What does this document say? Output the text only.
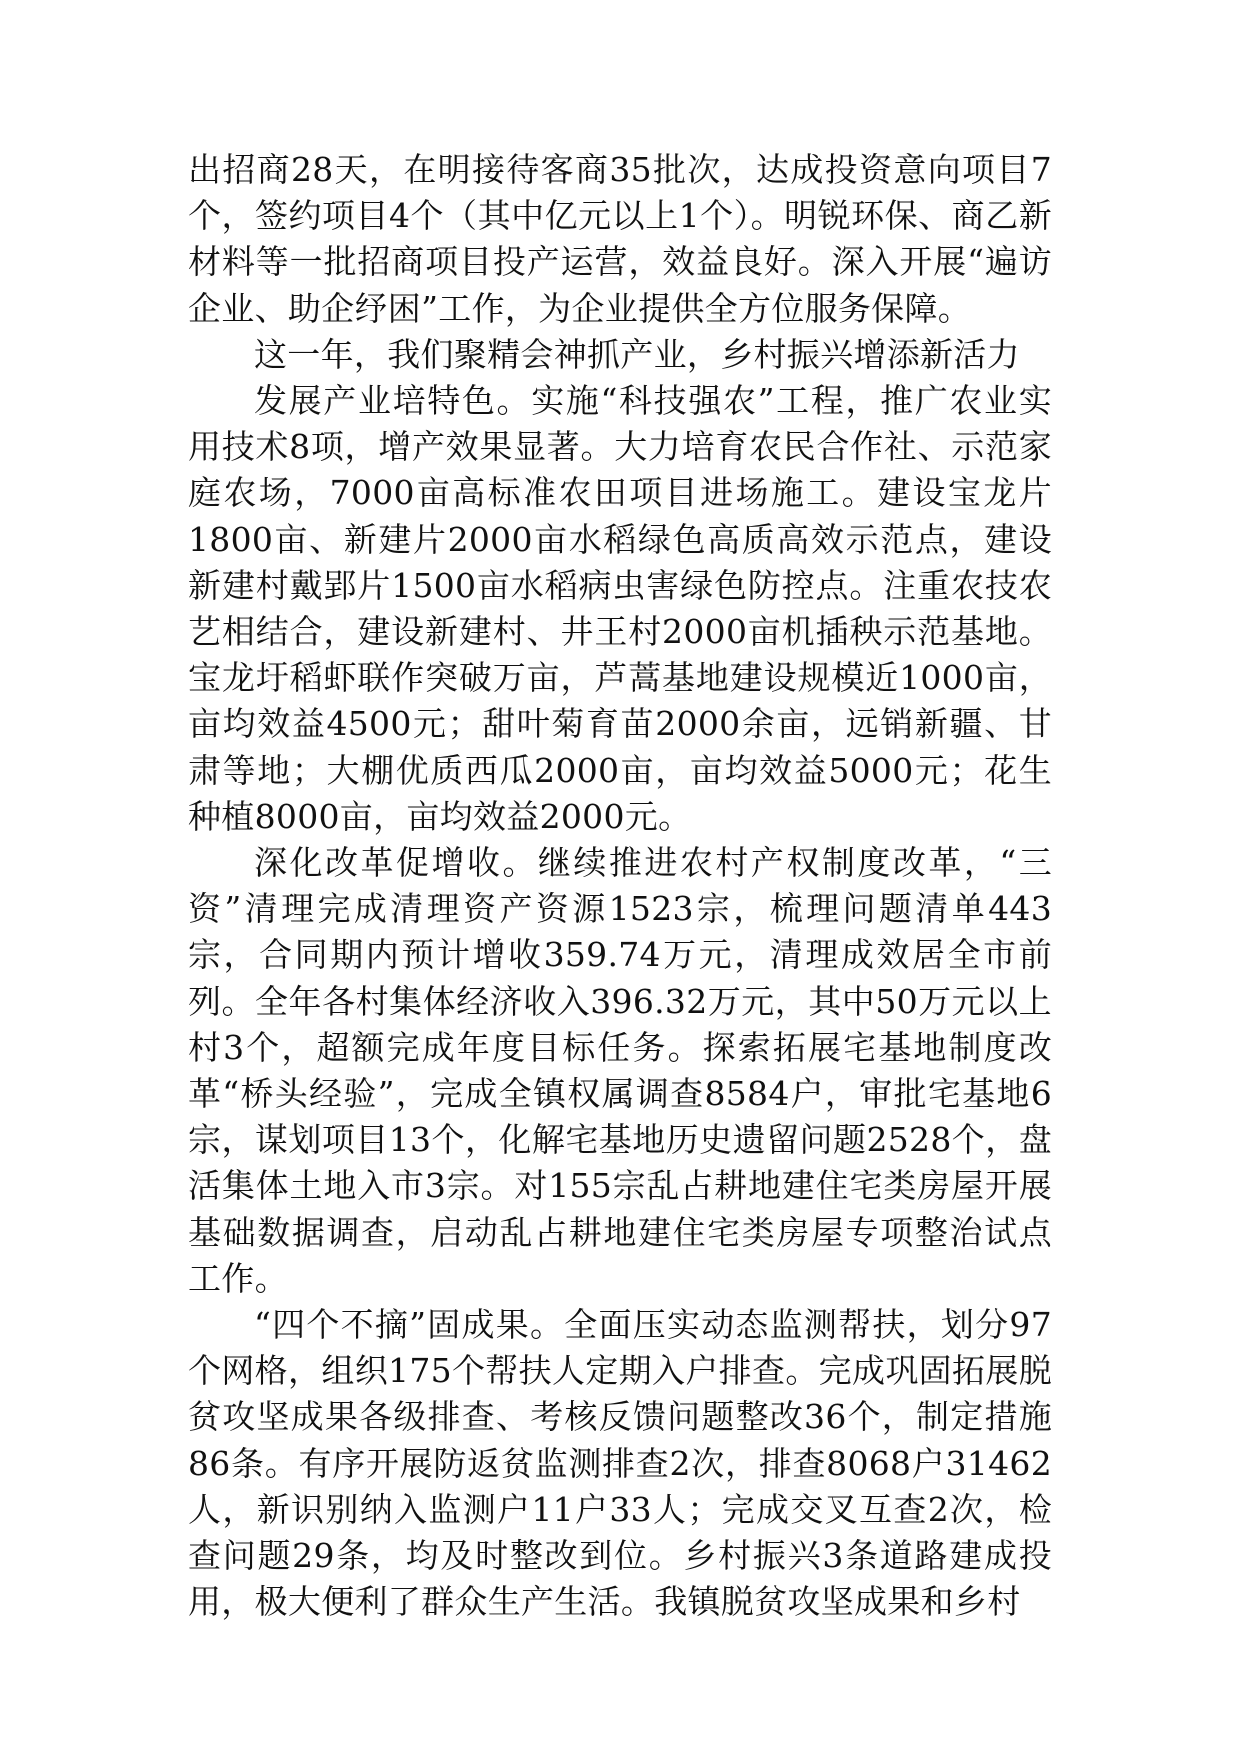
出招商28天，在明接待客商35批次，达成投资意向项目7个，签约项目4个（其中亿元以上1个）。明锐环保、商乙新材料等一批招商项目投产运营，效益良好。深入开展“遍访企业、助企纾困”工作，为企业提供全方位服务保障。

这一年，我们聚精会神抓产业，乡村振兴增添新活力

发展产业培特色。实施“科技强农”工程，推广农业实用技术8项，增产效果显著。大力培育农民合作社、示范家庭农场，7000亩高标准农田项目进场施工。建设宝龙片1800亩、新建片2000亩水稻绿色高质高效示范点，建设新建村戴郢片1500亩水稻病虫害绿色防控点。注重农技农艺相结合，建设新建村、井王村2000亩机插秧示范基地。宝龙圩稻虾联作突破万亩，芦蒿基地建设规模近1000亩，亩均效益4500元；甜叶菊育苗2000余亩，远销新疆、甘肃等地；大棚优质西瓜2000亩，亩均效益5000元；花生种植8000亩，亩均效益2000元。

深化改革促增收。继续推进农村产权制度改革，“三资”清理完成清理资产资源1523宗，梳理问题清单443宗，合同期内预计增收359.74万元，清理成效居全市前列。全年各村集体经济收入396.32万元，其中50万元以上村3个，超额完成年度目标任务。探索拓展宅基地制度改革“桥头经验”，完成全镇权属调查8584户，审批宅基地6宗，谋划项目13个，化解宅基地历史遗留问题2528个，盘活集体土地入市3宗。对155宗乱占耕地建住宅类房屋开展基础数据调查，启动乱占耕地建住宅类房屋专项整治试点工作。

“四个不摘”固成果。全面压实动态监测帮扶，划分97个网格，组织175个帮扶人定期入户排查。完成巩固拓展脱贫攻坚成果各级排查、考核反馈问题整改36个，制定措施86条。有序开展防返贫监测排查2次，排查8068户31462人，新识别纳入监测户11户33人；完成交叉互查2次，检查问题29条，均及时整改到位。乡村振兴3条道路建成投用，极大便利了群众生产生活。我镇脱贫攻坚成果和乡村
